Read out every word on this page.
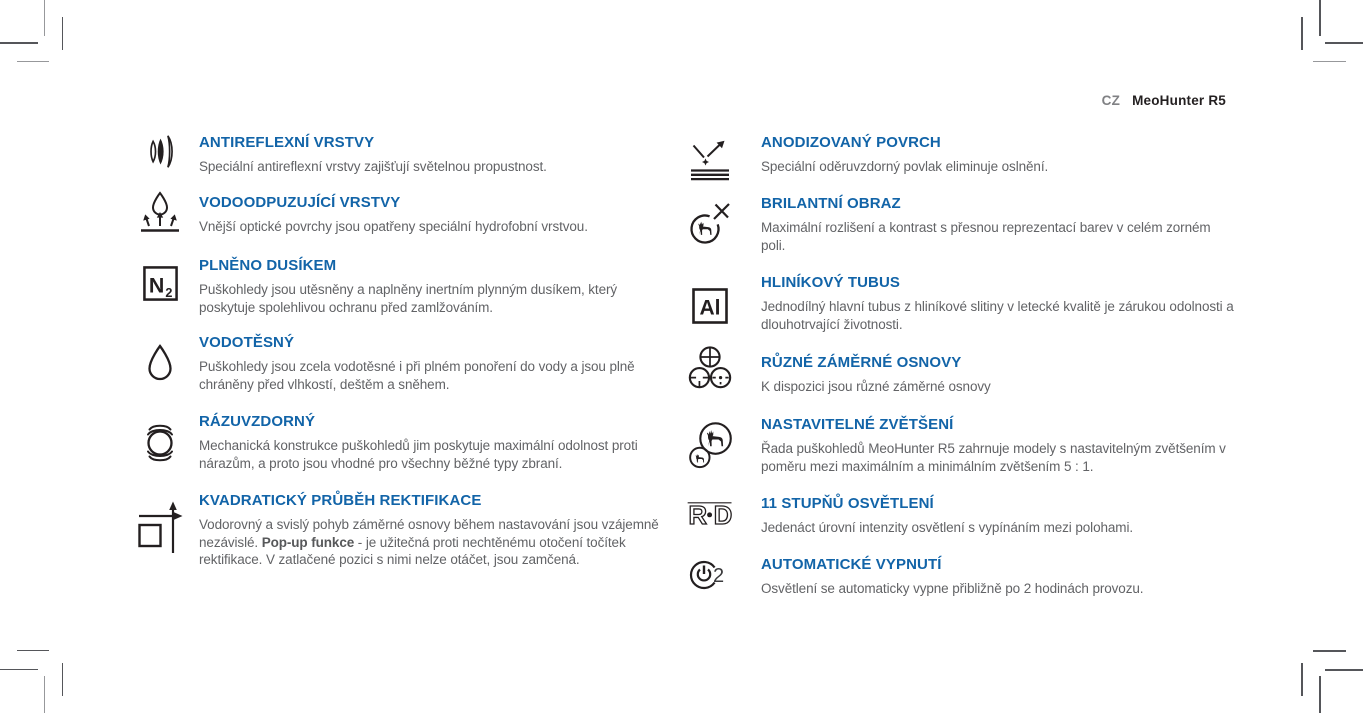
CZ MeoHunter R5
ANTIREFLEXNÍ VRSTVY

Speciální antireflexní vrstvy zajišťují světelnou propustnost.

VODOODPUZUJÍCÍ VRSTVY

Vnější optické povrchy jsou opatřeny speciální hydrofobní vrstvou.

N 2
PLNĚNO DUSÍKEM

Puškohledy jsou utěsněny a naplněny inertním plynným dusíkem, který poskytuje spolehlivou ochranu před zamlžováním.

VODOTĚSNÝ

Puškohledy jsou zcela vodotěsné i při plném ponoření do vody a jsou plně chráněny před vlhkostí, deštěm a sněhem.

RÁZUVZDORNÝ

Mechanická konstrukce puškohledů jim poskytuje maximální odolnost proti nárazům, a proto jsou vhodné pro všechny běžné typy zbraní.

KVADRATICKÝ PRŮBĚH REKTIFIKACE

Vodorovný a svislý pohyb záměrné osnovy během nastavování jsou vzájemně nezávislé. Pop-up funkce - je užitečná proti nechtěnému otočení točítek rektifikace. V zatlačené pozici s nimi nelze otáčet, jsou zamčená.

ANODIZOVANÝ POVRCH

Speciální oděruvzdorný povlak eliminuje oslnění.

BRILANTNÍ OBRAZ

Maximální rozlišení a kontrast s přesnou reprezentací barev v celém zorném poli.

Al
HLINÍKOVÝ TUBUS

Jednodílný hlavní tubus z hliníkové slitiny v letecké kvalitě je zárukou odolnosti a dlouhotrvající životnosti.

RŮZNÉ ZÁMĚRNÉ OSNOVY

K dispozici jsou různé záměrné osnovy

NASTAVITELNÉ ZVĚTŠENÍ

Řada puškohledů MeoHunter R5 zahrnuje modely s nastavitelným zvětšením v poměru mezi maximálním a minimálním zvětšením 5 : 1.

R D 11 STUPŇŮ OSVĚTLENÍ

Jedenáct úrovní intenzity osvětlení s vypínáním mezi polohami.

2
AUTOMATICKÉ VYPNUTÍ

Osvětlení se automaticky vypne přibližně po 2 hodinách provozu.
